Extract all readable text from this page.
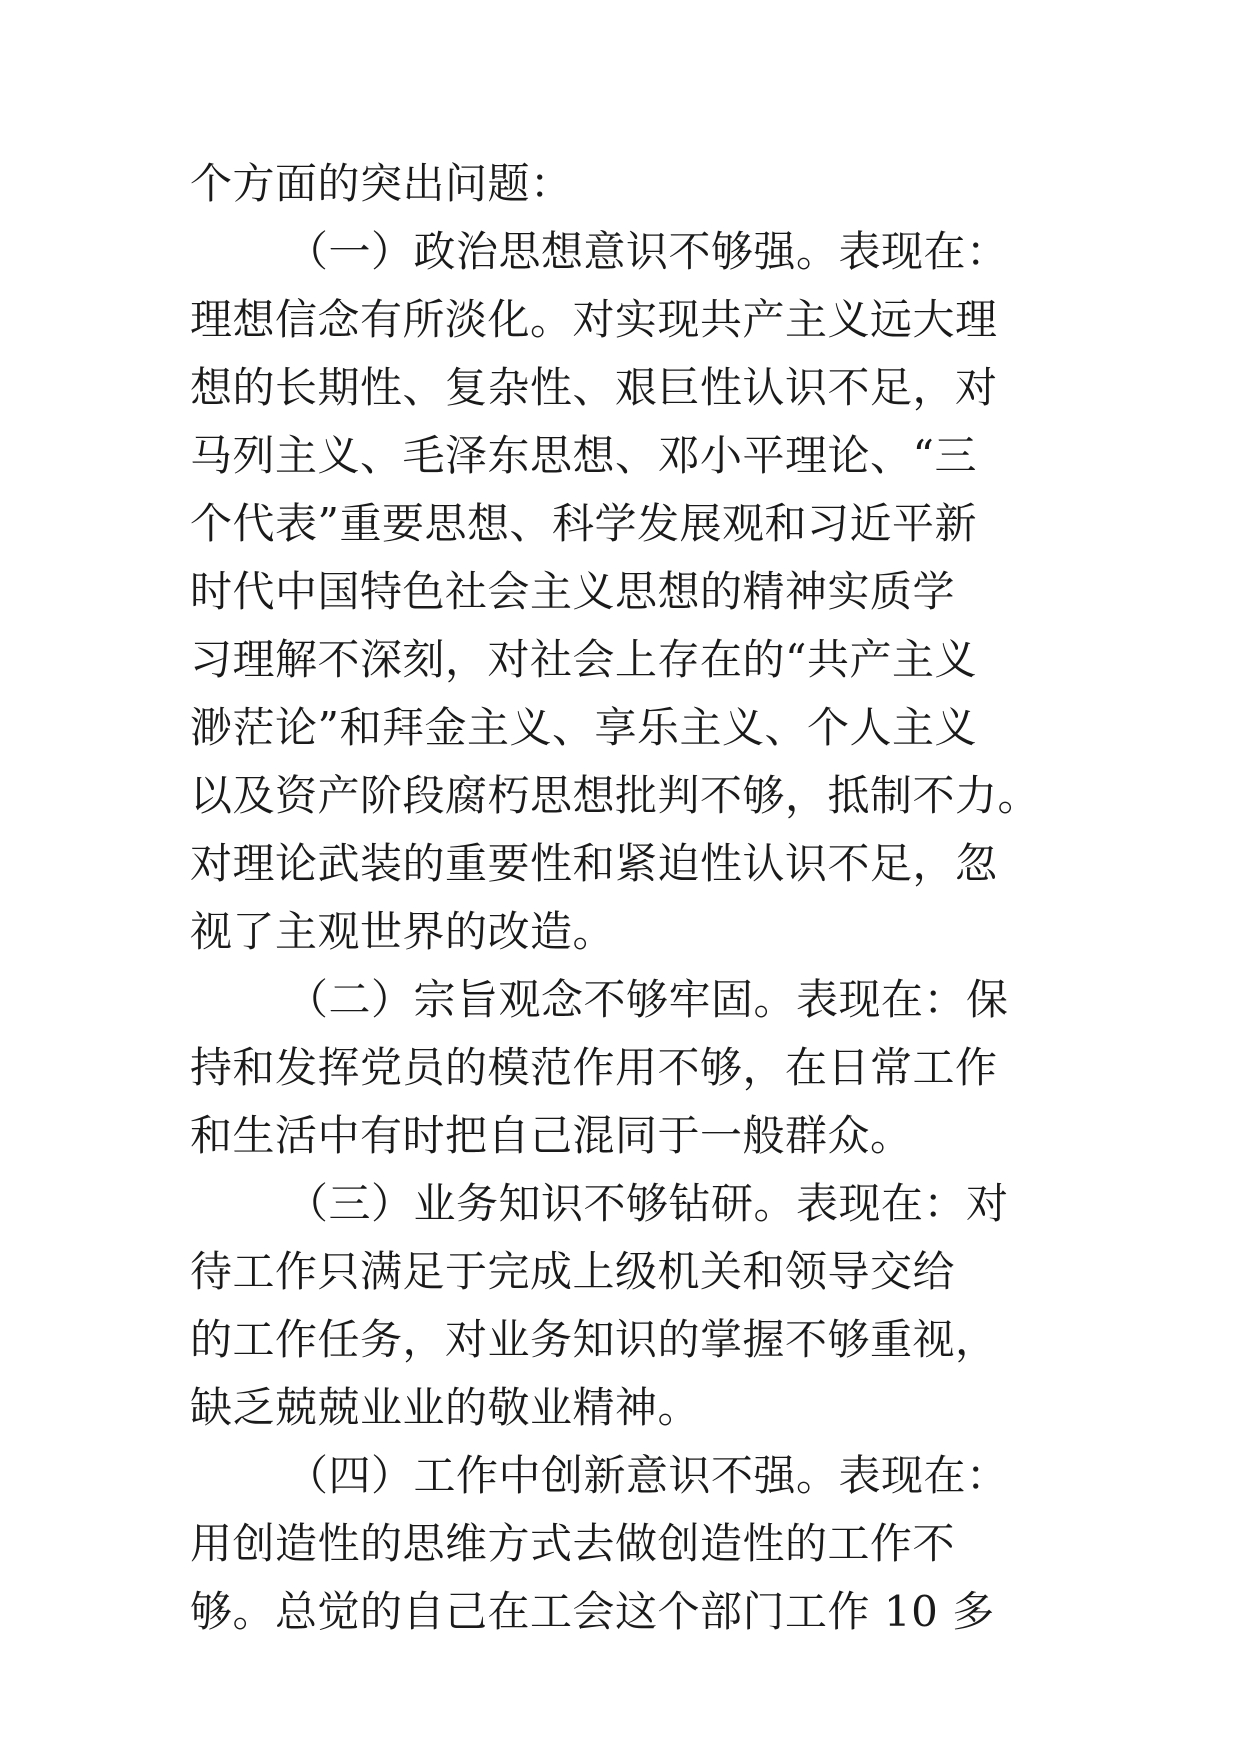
个方面的突出问题：
（一）政治思想意识不够强。表现在：
理想信念有所淡化。对实现共产主义远大理
想的长期性、复杂性、艰巨性认识不足，对
马列主义、毛泽东思想、邓小平理论、“三
个代表”重要思想、科学发展观和习近平新
时代中国特色社会主义思想的精神实质学
习理解不深刻，对社会上存在的“共产主义
渺茫论”和拜金主义、享乐主义、个人主义
以及资产阶段腐朽思想批判不够，抵制不力。
对理论武装的重要性和紧迫性认识不足，忽
视了主观世界的改造。
（二）宗旨观念不够牢固。表现在：保
持和发挥党员的模范作用不够，在日常工作
和生活中有时把自己混同于一般群众。
（三）业务知识不够钻研。表现在：对
待工作只满足于完成上级机关和领导交给
的工作任务，对业务知识的掌握不够重视，
缺乏兢兢业业的敬业精神。
（四）工作中创新意识不强。表现在：
用创造性的思维方式去做创造性的工作不
够。总觉的自己在工会这个部门工作 10 多
